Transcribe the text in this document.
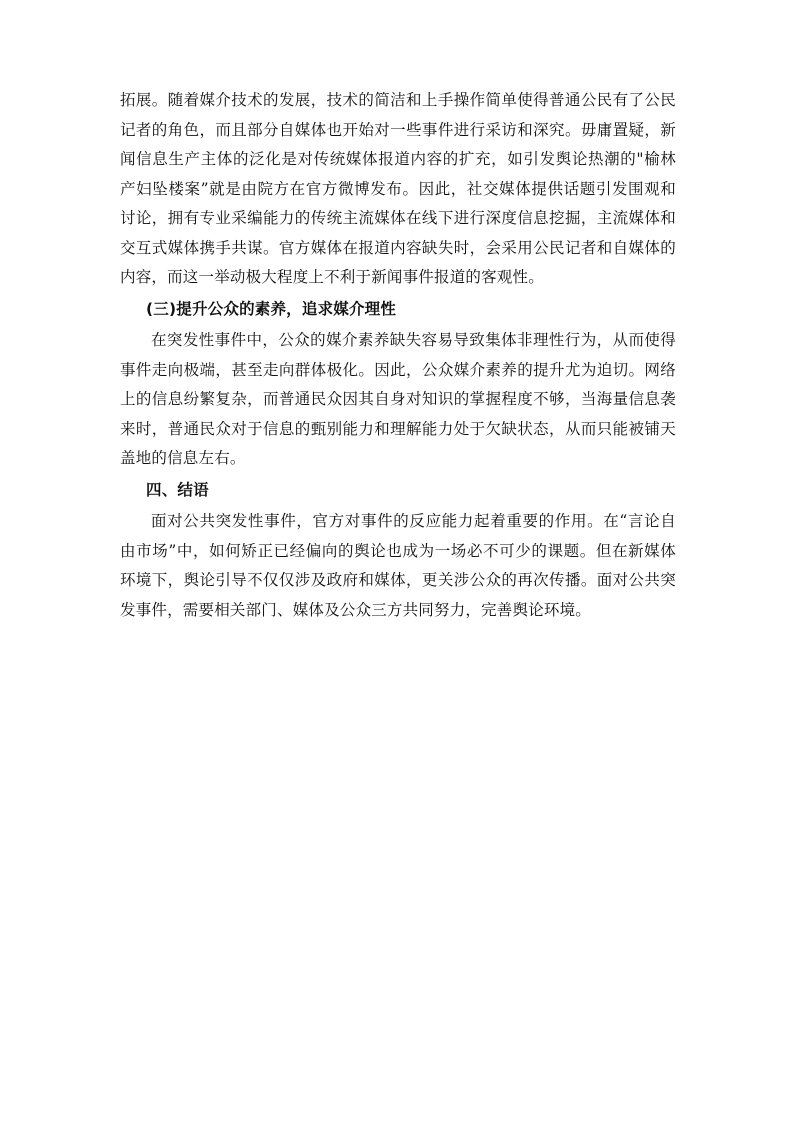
拓展。随着媒介技术的发展，技术的简洁和上手操作简单使得普通公民有了公民记者的角色，而且部分自媒体也开始对一些事件进行采访和深究。毋庸置疑，新闻信息生产主体的泛化是对传统媒体报道内容的扩充，如引发舆论热潮的"榆林产妇坠楼案”就是由院方在官方微博发布。因此，社交媒体提供话题引发围观和讨论，拥有专业采编能力的传统主流媒体在线下进行深度信息挖掘，主流媒体和交互式媒体携手共谋。官方媒体在报道内容缺失时，会采用公民记者和自媒体的内容，而这一举动极大程度上不利于新闻事件报道的客观性。

(三)提升公众的素养，追求媒介理性

在突发性事件中，公众的媒介素养缺失容易导致集体非理性行为，从而使得事件走向极端，甚至走向群体极化。因此，公众媒介素养的提升尤为迫切。网络上的信息纷繁复杂，而普通民众因其自身对知识的掌握程度不够，当海量信息袭来时，普通民众对于信息的甄别能力和理解能力处于欠缺状态，从而只能被铺天盖地的信息左右。

四、结语

面对公共突发性事件，官方对事件的反应能力起着重要的作用。在“言论自由市场”中，如何矫正已经偏向的舆论也成为一场必不可少的课题。但在新媒体环境下，舆论引导不仅仅涉及政府和媒体，更关涉公众的再次传播。面对公共突发事件，需要相关部门、媒体及公众三方共同努力，完善舆论环境。
